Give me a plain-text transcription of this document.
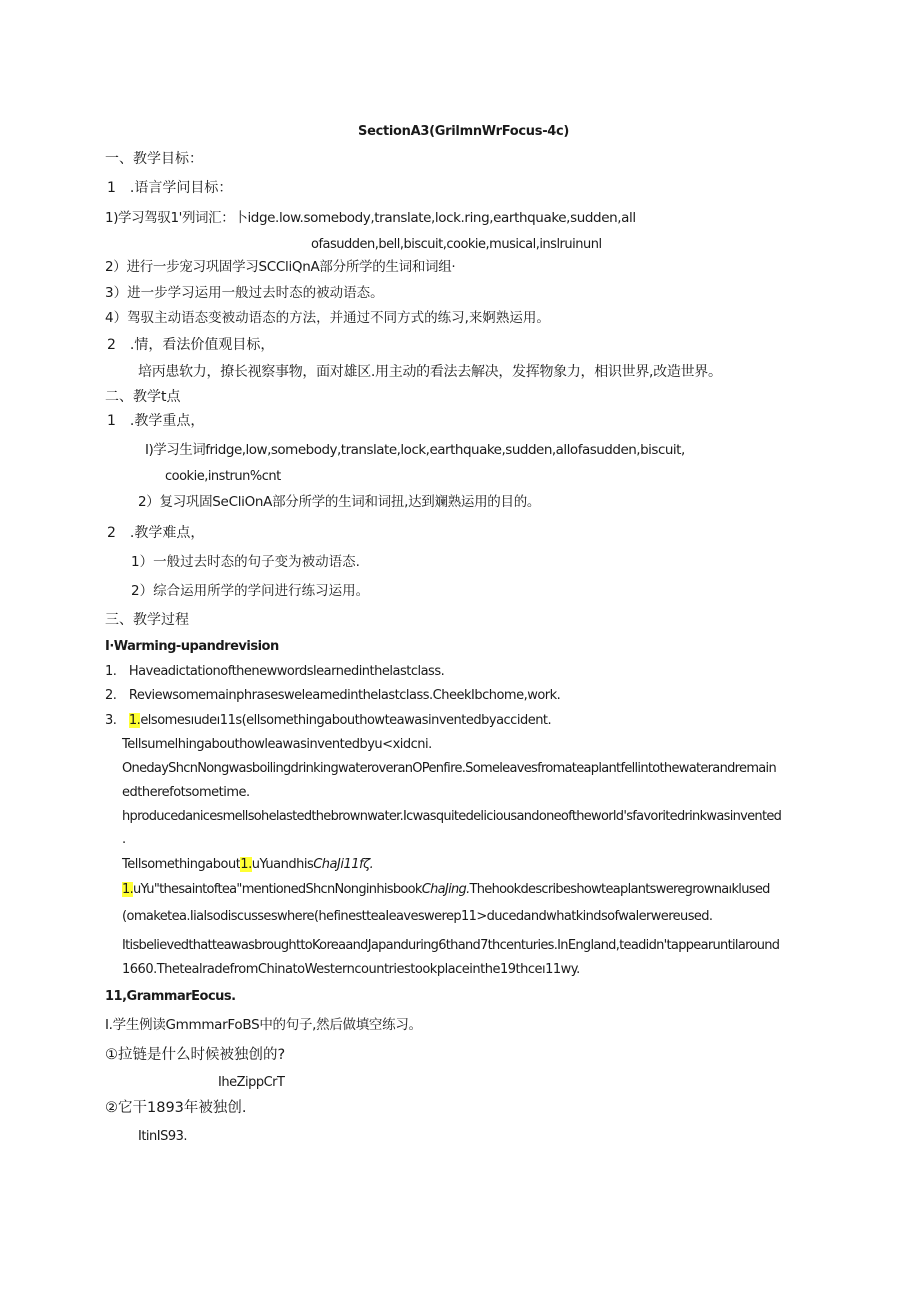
SectionA3(GrilmnWrFocus-4c)
一、教学目标：
1　.语言学问目标：
1)学习驾驭1'列词汇：卜idge.low.somebody,translate,lock.ring,earthquake,sudden,all
ofasudden,bell,biscuit,cookie,musical,inslruinunl
2）进行一步宠习巩固学习SCCliQnA部分所学的生词和词组·
3）进一步学习运用一般过去时态的被动语态。
4）驾驭主动语态变被动语态的方法，并通过不同方式的练习,来婀熟运用。
2　.情，看法价值观目标，
培丙患软力，撩长视察事物，面对雄区.用主动的看法去解决，发挥物象力，相识世界,改造世界。
二、教学t点
1　.教学重点，
I)学习生词fridge,low,somebody,translate,lock,earthquake,sudden,allofasudden,biscuit,
cookie,instrun%cnt
2）复习巩固SeCliOnA部分所学的生词和词扭,达到斓熟运用的目的。
2　.教学难点，
1）一般过去时态的句子变为被动语态.
2）综合运用所学的学问进行练习运用。
三、教学过程
I·Warming-upandrevision
1.　Haveadictationofthenewwordslearnedinthelastclass.
2.　Reviewsomemainphrasesweleamedinthelastclass.CheekIbchome,work.
3.　1.elsomesıudeı11s(ellsomethingabouthowteawasinventedbyaccident.
Tellsumelhingabouthowleawasinventedbyu<xidcni.
OnedayShcnNongwasboilingdrinkingwateroveranOPenfire.Someleavesfromateaplantfellintothewaterandremain
edtherefotsometime.
hproducedanicesmellsohelastedthebrownwater.Icwasquitedeliciousandoneoftheworld'sfavoritedrinkwasinvented
.
Tellsomethingabout1.uYuandhisChaJi11fζ.
1.uYu"thesaintoftea"mentionedShcnNonginhisbookChaJing.Thehookdescribeshowteaplantsweregrownaıklused
(omaketea.Iialsodiscusseswhere(hefinestteaIeaveswerep11>ducedandwhatkindsofwalerwereused.
ItisbelievedthatteawasbroughttoKoreaandJapanduring6thand7thcenturies.InEngland,teadidn'tappearuntilaround
1660.ThetealradefromChinatoWesterncountriestookplaceinthe19thceı11wy.
11,GrammarEocus.
I.学生例读GmmmarFoBS中的句子,然后做填空练习。
①拉链是什么时候被独创的?
IheZippCrT
②它干1893年被独创.
ItinIS93.
